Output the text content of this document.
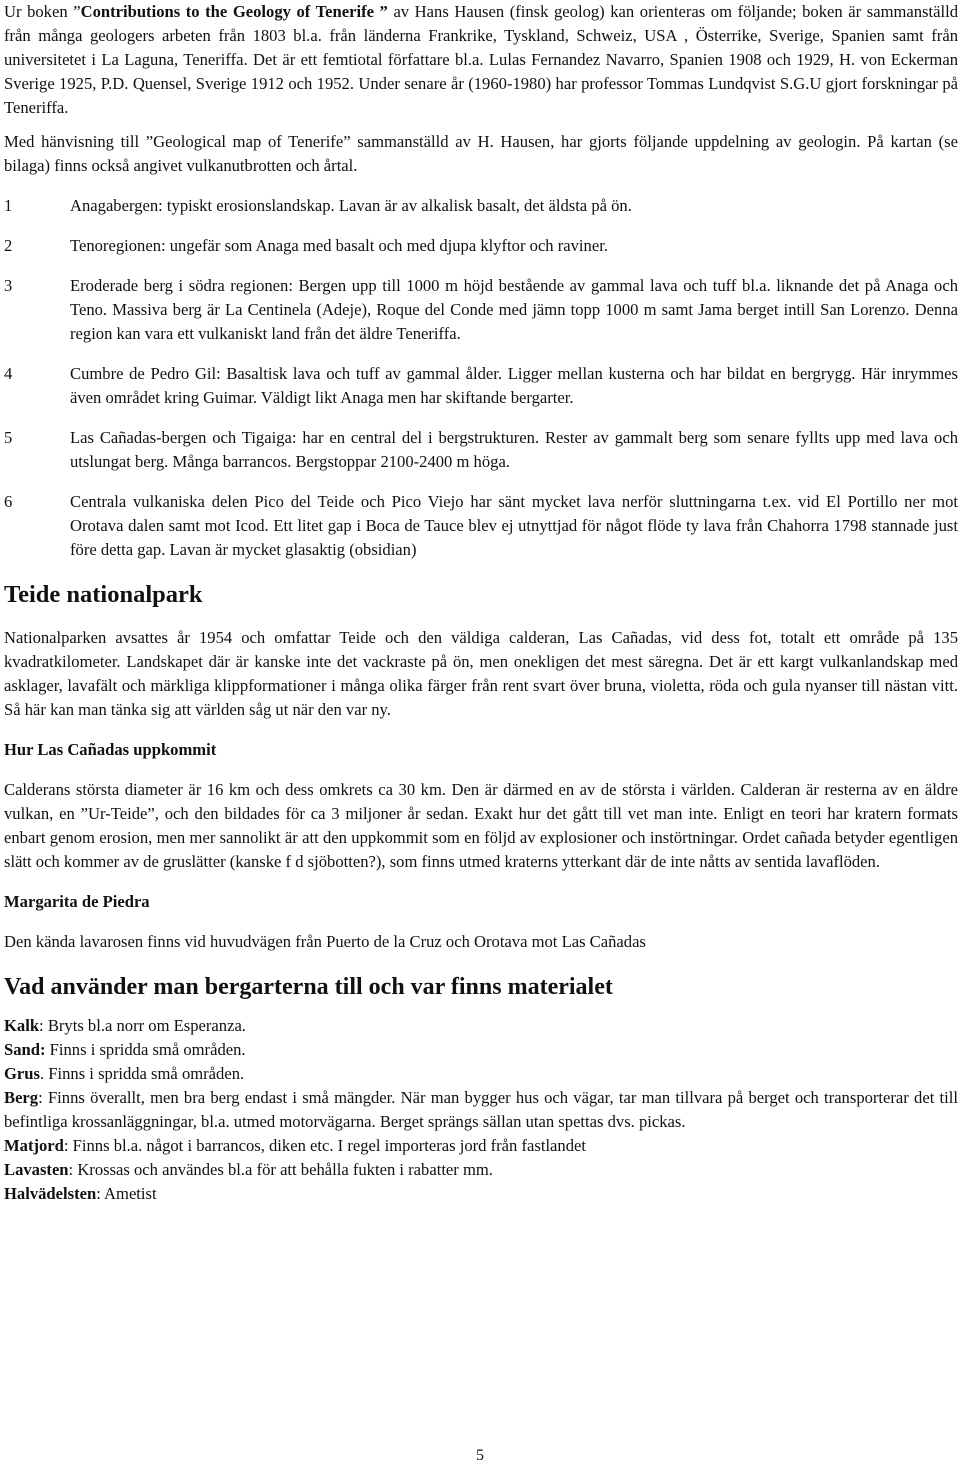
Ur boken ”Contributions to the Geology of Tenerife ” av Hans Hausen (finsk geolog) kan orienteras om följande; boken är sammanställd från många geologers arbeten från 1803 bl.a. från länderna Frankrike, Tyskland, Schweiz, USA , Österrike, Sverige, Spanien samt från universitetet i La Laguna, Teneriffa. Det är ett femtiotal författare bl.a. Lulas Fernandez Navarro, Spanien 1908 och 1929, H. von Eckerman Sverige 1925, P.D. Quensel, Sverige 1912 och 1952. Under senare år (1960-1980) har professor Tommas Lundqvist S.G.U gjort forskningar på Teneriffa.

Med hänvisning till ”Geological map of Tenerife” sammanställd av H. Hausen, har gjorts följande uppdelning av geologin. På kartan (se bilaga) finns också angivet vulkanutbrotten och årtal.

1	Anagabergen: typiskt erosionslandskap. Lavan är av alkalisk basalt, det äldsta på ön.
2	Tenoregionen: ungefär som Anaga med basalt och med djupa klyftor och raviner.
3	Eroderade berg i södra regionen: Bergen upp till 1000 m höjd bestående av gammal lava och tuff bl.a. liknande det på Anaga och Teno. Massiva berg är La Centinela (Adeje), Roque del Conde med jämn topp 1000 m samt Jama berget intill San Lorenzo. Denna region kan vara ett vulkaniskt land från det äldre Teneriffa.
4	Cumbre de Pedro Gil: Basaltisk lava och tuff av gammal ålder. Ligger mellan kusterna och har bildat en bergrygg. Här inrymmes även området kring Guimar. Väldigt likt Anaga men har skiftande bergarter.
5	Las Cañadas-bergen och Tigaiga: har en central del i bergstrukturen. Rester av gammalt berg som senare fyllts upp med lava och utslungat berg. Många barrancos. Bergstoppar 2100-2400 m höga.
6	Centrala vulkaniska delen Pico del Teide och Pico Viejo har sänt mycket lava nerför sluttningarna t.ex. vid El Portillo ner mot Orotava dalen samt mot Icod. Ett litet gap i Boca de Tauce blev ej utnyttjad för något flöde ty lava från Chahorra 1798 stannade just före detta gap. Lavan är mycket glasaktig (obsidian)
Teide nationalpark

Nationalparken avsattes år 1954 och omfattar Teide och den väldiga calderan, Las Cañadas, vid dess fot, totalt ett område på 135 kvadratkilometer. Landskapet där är kanske inte det vackraste på ön, men onekligen det mest säregna. Det är ett kargt vulkanlandskap med asklager, lavafält och märkliga klippformationer i många olika färger från rent svart över bruna, violetta, röda och gula nyanser till nästan vitt. Så här kan man tänka sig att världen såg ut när den var ny.

Hur Las Cañadas uppkommit

Calderans största diameter är 16 km och dess omkrets ca 30 km. Den är därmed en av de största i världen. Calderan är resterna av en äldre vulkan, en ”Ur-Teide”, och den bildades för ca 3 miljoner år sedan. Exakt hur det gått till vet man inte. Enligt en teori har kratern formats enbart genom erosion, men mer sannolikt är att den uppkommit som en följd av explosioner och instörtningar. Ordet cañada betyder egentligen slätt och kommer av de gruslätter (kanske f d sjöbotten?), som finns utmed kraterns ytterkant där de inte nåtts av sentida lavaflöden.

Margarita de Piedra

Den kända lavarosen finns vid huvudvägen från Puerto de la Cruz och Orotava mot Las Cañadas

Vad använder man bergarterna till och var finns materialet

Kalk: Bryts bl.a norr om Esperanza.

Sand: Finns i spridda små områden.

Grus. Finns i spridda små områden.

Berg: Finns överallt, men bra berg endast i små mängder. När man bygger hus och vägar, tar man tillvara på berget och transporterar det till befintliga krossanläggningar, bl.a. utmed motorvägarna. Berget sprängs sällan utan spettas dvs. pickas.

Matjord: Finns bl.a. något i barrancos, diken etc. I regel importeras jord från fastlandet

Lavasten: Krossas och användes bl.a för att behålla fukten i rabatter mm.

Halvädelsten: Ametist

5
